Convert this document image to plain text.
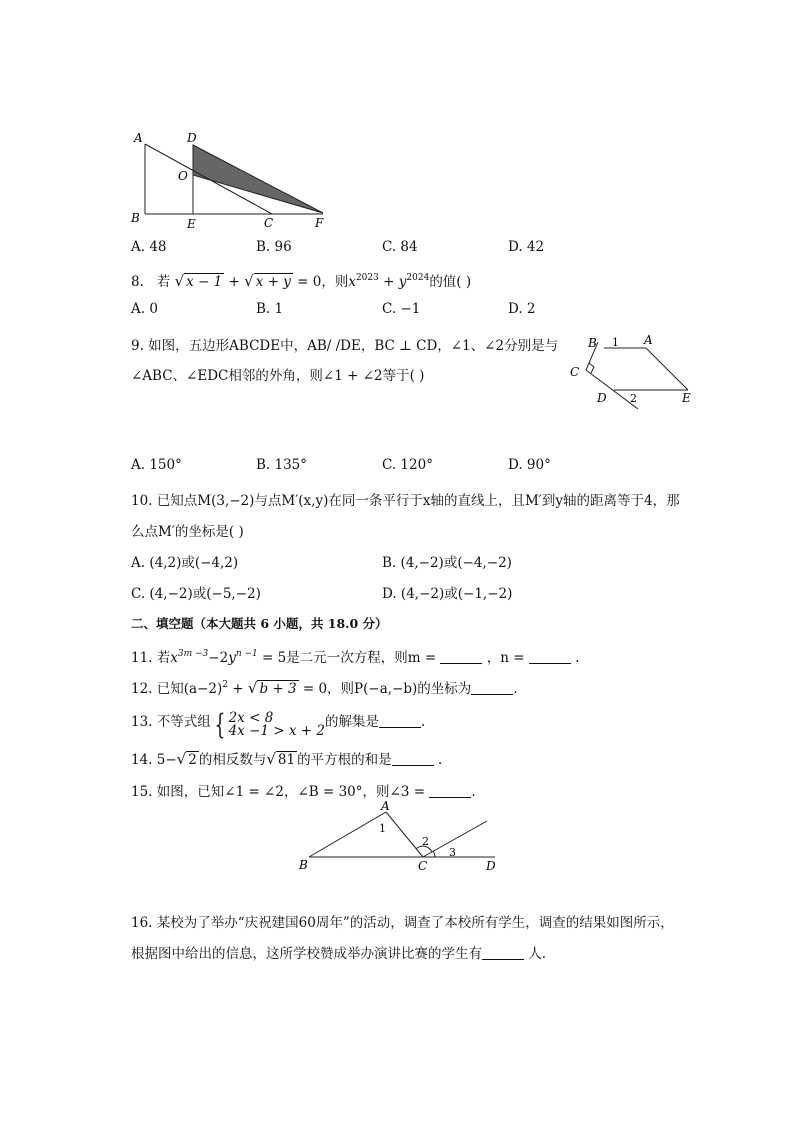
A	D
O
B	E	C	F
A. 48	B. 96	C. 84	D. 42
8. 若 √ x − 1 + √ x + y = 0，则$x^{2023} + y^{2024}$的值( )
A. 0	B. 1	C. −1	D. 2
9. 如图，五边形ABCDE中，AB/ /DE，BC ⊥ CD，∠1、∠2分别是与
∠ABC、∠EDC相邻的外角，则∠1 + ∠2等于( )
B 1 A
C
D 2	E
A. 150°	B. 135°	C. 120°	D. 90°
10. 已知点M(3,−2)与点M′(x,y)在同一条平行于x轴的直线上，且M′到y轴的距离等于4，那
么点M′的坐标是( )
A. (4,2)或(−4,2)	B. (4,−2)或(−4,−2)
C. (4,−2)或(−5,−2)	D. (4,−2)或(−1,−2)
二、填空题（本大题共 6 小题，共 18.0 分）
11. 若$x^{3m -3}-2y^{n -1} = 5$是二元一次方程，则m =	，n =	.
12. 已知$(a-2)^2$ + √ b + 3 = 0，则P(−a,−b)的坐标为	.
13. 不等式组 { 2x < 8
4x −1 > x + 2的解集是	.
14. 5−√ 2 的相反数与√ 81 的平方根的和是	.
15. 如图，已知∠1 = ∠2，∠B = 30°，则∠3 =	.
A
1
2
3
B	C	D
16. 某校为了举办“庆祝建国60周年”的活动，调查了本校所有学生，调查的结果如图所示，
根据图中给出的信息，这所学校赞成举办演讲比赛的学生有	人.
